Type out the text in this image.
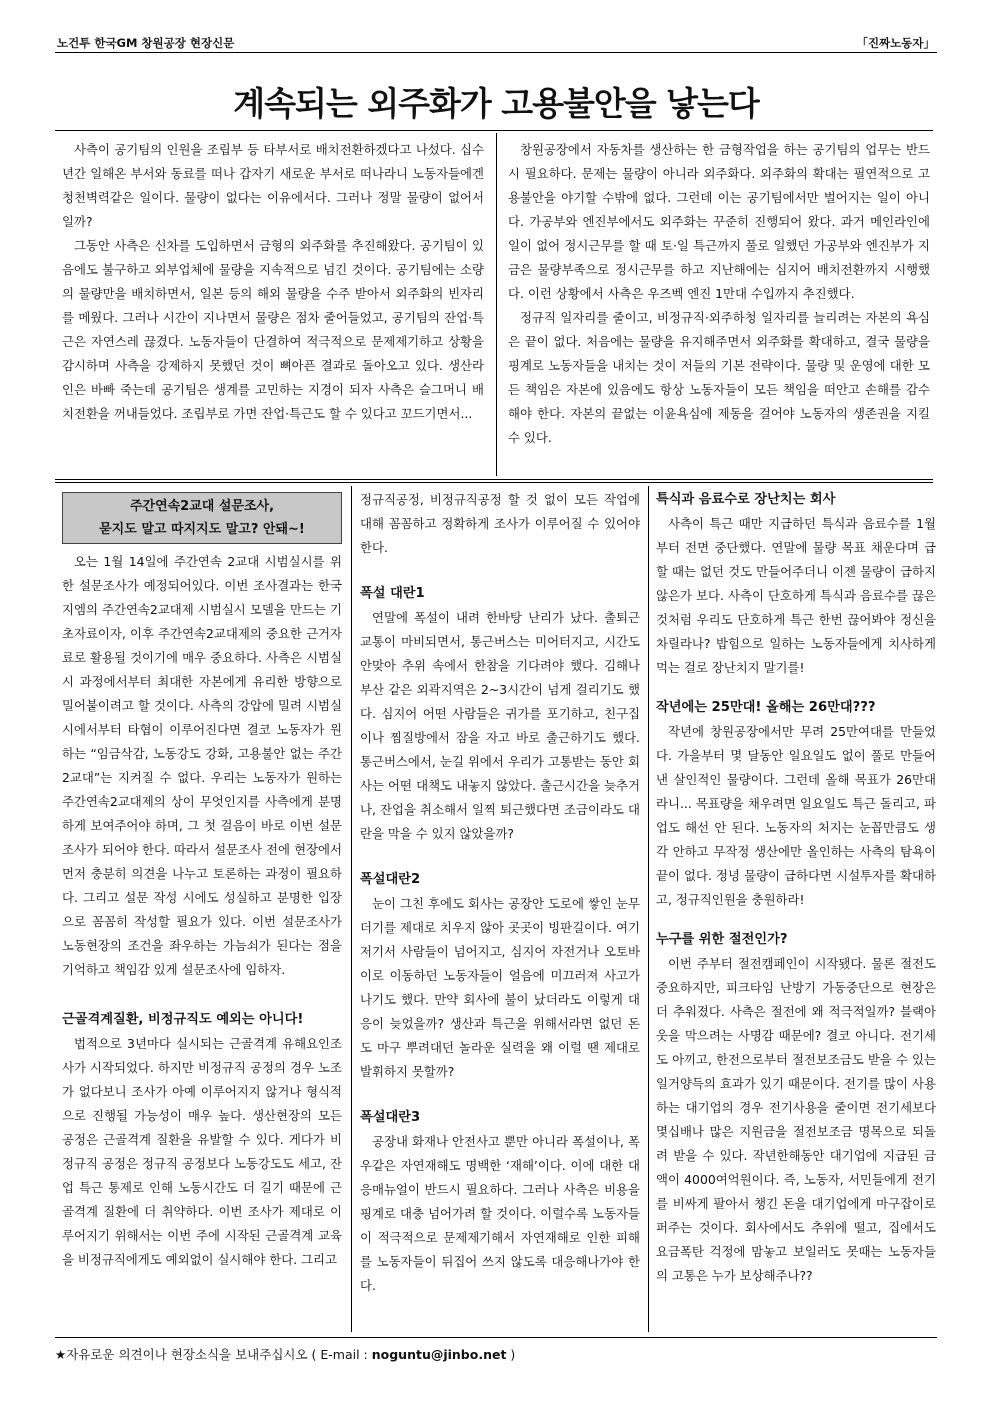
노건투 한국GM 창원공장 현장신문	「진짜노동자」
계속되는 외주화가 고용불안을 낳는다

사측이 공기팀의 인원을 조립부 등 타부서로 배치전환하겠다고 나섰다. 십수년간 일해온 부서와 동료를 떠나 갑자기 새로운 부서로 떠나라니 노동자들에겐 청천벽력같은 일이다. 물량이 없다는 이유에서다. 그러나 정말 물량이 없어서일까?

그동안 사측은 신차를 도입하면서 금형의 외주화를 추진해왔다. 공기팀이 있음에도 불구하고 외부업체에 물량을 지속적으로 넘긴 것이다. 공기팀에는 소량의 물량만을 배치하면서, 일본 등의 해외 물량을 수주 받아서 외주화의 빈자리를 메웠다. 그러나 시간이 지나면서 물량은 점차 줄어들었고, 공기팀의 잔업·특근은 자연스레 끊겼다. 노동자들이 단결하여 적극적으로 문제제기하고 상황을 감시하며 사측을 강제하지 못했던 것이 뼈아픈 결과로 돌아오고 있다. 생산라인은 바빠 죽는데 공기팀은 생계를 고민하는 지경이 되자 사측은 슬그머니 배치전환을 꺼내들었다. 조립부로 가면 잔업·특근도 할 수 있다고 꼬드기면서...

창원공장에서 자동차를 생산하는 한 금형작업을 하는 공기팀의 업무는 반드시 필요하다. 문제는 물량이 아니라 외주화다. 외주화의 확대는 필연적으로 고용불안을 야기할 수밖에 없다. 그런데 이는 공기팀에서만 벌어지는 일이 아니다. 가공부와 엔진부에서도 외주화는 꾸준히 진행되어 왔다. 과거 메인라인에 일이 없어 정시근무를 할 때 토·일 특근까지 풀로 일했던 가공부와 엔진부가 지금은 물량부족으로 정시근무를 하고 지난해에는 심지어 배치전환까지 시행했다. 이런 상황에서 사측은 우즈벡 엔진 1만대 수입까지 추진했다.

정규직 일자리를 줄이고, 비정규직·외주하청 일자리를 늘리려는 자본의 욕심은 끝이 없다. 처음에는 물량을 유지해주면서 외주화를 확대하고, 결국 물량을 핑계로 노동자들을 내치는 것이 저들의 기본 전략이다. 물량 및 운영에 대한 모든 책임은 자본에 있음에도 항상 노동자들이 모든 책임을 떠안고 손해를 감수해야 한다. 자본의 끝없는 이윤욕심에 제동을 걸어야 노동자의 생존권을 지킬 수 있다.

주간연속2교대 설문조사,
묻지도 말고 따지지도 말고? 안돼~!

오는 1월 14일에 주간연속 2교대 시범실시를 위한 설문조사가 예정되어있다. 이번 조사결과는 한국지엠의 주간연속2교대제 시범실시 모델을 만드는 기초자료이자, 이후 주간연속2교대제의 중요한 근거자료로 활용될 것이기에 매우 중요하다. 사측은 시범실시 과정에서부터 최대한 자본에게 유리한 방향으로 밀어붙이려고 할 것이다. 사측의 강압에 밀려 시범실시에서부터 타협이 이루어진다면 결코 노동자가 원하는 “임금삭감, 노동강도 강화, 고용불안 없는 주간2교대”는 지켜질 수 없다. 우리는 노동자가 원하는 주간연속2교대제의 상이 무엇인지를 사측에게 분명하게 보여주어야 하며, 그 첫 걸음이 바로 이번 설문조사가 되어야 한다. 따라서 설문조사 전에 현장에서 먼저 충분히 의견을 나누고 토론하는 과정이 필요하다. 그리고 설문 작성 시에도 성실하고 분명한 입장으로 꼼꼼히 작성할 필요가 있다. 이번 설문조사가 노동현장의 조건을 좌우하는 가늠쇠가 된다는 점을 기억하고 책임감 있게 설문조사에 임하자.

근골격계질환, 비정규직도 예외는 아니다!

법적으로 3년마다 실시되는 근골격계 유해요인조사가 시작되었다. 하지만 비정규직 공정의 경우 노조가 없다보니 조사가 아예 이루어지지 않거나 형식적으로 진행될 가능성이 매우 높다. 생산현장의 모든 공정은 근골격계 질환을 유발할 수 있다. 게다가 비정규직 공정은 정규직 공정보다 노동강도도 세고, 잔업 특근 통제로 인해 노동시간도 더 길기 때문에 근골격계 질환에 더 취약하다. 이번 조사가 제대로 이루어지기 위해서는 이번 주에 시작된 근골격계 교육을 비정규직에게도 예외없이 실시해야 한다. 그리고

정규직공정, 비정규직공정 할 것 없이 모든 작업에 대해 꼼꼼하고 정확하게 조사가 이루어질 수 있어야 한다.

폭설 대란1

연말에 폭설이 내려 한바탕 난리가 났다. 출퇴근 교통이 마비되면서, 통근버스는 미어터지고, 시간도 안맞아 추위 속에서 한참을 기다려야 했다. 김해나 부산 같은 외곽지역은 2~3시간이 넘게 걸리기도 했다. 심지어 어떤 사람들은 귀가를 포기하고, 친구집이나 찜질방에서 잠을 자고 바로 출근하기도 했다. 통근버스에서, 눈길 위에서 우리가 고통받는 동안 회사는 어떤 대책도 내놓지 않았다. 출근시간을 늦추거나, 잔업을 취소해서 일찍 퇴근했다면 조금이라도 대란을 막을 수 있지 않았을까?

폭설대란2

눈이 그친 후에도 회사는 공장안 도로에 쌓인 눈무더기를 제대로 치우지 않아 곳곳이 빙판길이다. 여기저기서 사람들이 넘어지고, 심지어 자전거나 오토바이로 이동하던 노동자들이 얼음에 미끄러져 사고가 나기도 했다. 만약 회사에 불이 났더라도 이렇게 대응이 늦었을까? 생산과 특근을 위해서라면 없던 돈도 마구 뿌려대던 놀라운 실력을 왜 이럴 땐 제대로 발휘하지 못할까?

폭설대란3

공장내 화재나 안전사고 뿐만 아니라 폭설이나, 폭우같은 자연재해도 명백한 ‘재해’이다. 이에 대한 대응매뉴얼이 반드시 필요하다. 그러나 사측은 비용을 핑계로 대충 넘어가려 할 것이다. 이럴수록 노동자들이 적극적으로 문제제기해서 자연재해로 인한 피해를 노동자들이 뒤집어 쓰지 않도록 대응해나가야 한다.

특식과 음료수로 장난치는 회사

사측이 특근 때만 지급하던 특식과 음료수를 1월부터 전면 중단했다. 연말에 물량 목표 채운다며 급할 때는 없던 것도 만들어주더니 이젠 물량이 급하지 않은가 보다. 사측이 단호하게 특식과 음료수를 끊은 것처럼 우리도 단호하게 특근 한번 끊어봐야 정신을 차릴라나? 밥힘으로 일하는 노동자들에게 치사하게 먹는 걸로 장난치지 말기를!

작년에는 25만대! 올해는 26만대???

작년에 창원공장에서만 무려 25만여대를 만들었다. 가을부터 몇 달동안 일요일도 없이 풀로 만들어낸 살인적인 물량이다. 그런데 올해 목표가 26만대라니... 목표량을 채우려면 일요일도 특근 돌리고, 파업도 해선 안 된다. 노동자의 처지는 눈꼽만큼도 생각 안하고 무작정 생산에만 올인하는 사측의 탐욕이 끝이 없다. 정녕 물량이 급하다면 시설투자를 확대하고, 정규직인원을 충원하라!

누구를 위한 절전인가?

이번 주부터 절전캠페인이 시작됐다. 물론 절전도 중요하지만, 피크타임 난방기 가동중단으로 현장은 더 추워졌다. 사측은 절전에 왜 적극적일까? 블랙아웃을 막으려는 사명감 때문에? 결코 아니다. 전기세도 아끼고, 한전으로부터 절전보조금도 받을 수 있는 일거양득의 효과가 있기 때문이다. 전기를 많이 사용하는 대기업의 경우 전기사용을 줄이면 전기세보다 몇십배나 많은 지원금을 절전보조금 명목으로 되돌려 받을 수 있다. 작년한해동안 대기업에 지급된 금액이 4000여억원이다. 즉, 노동자, 서민들에게 전기를 비싸게 팔아서 챙긴 돈을 대기업에게 마구잡이로 퍼주는 것이다. 회사에서도 추위에 떨고, 집에서도 요금폭탄 걱정에 맘놓고 보일러도 못때는 노동자들의 고통은 누가 보상해주나??

★자유로운 의견이나 현장소식을 보내주십시오 ( E-mail : noguntu@jinbo.net )
